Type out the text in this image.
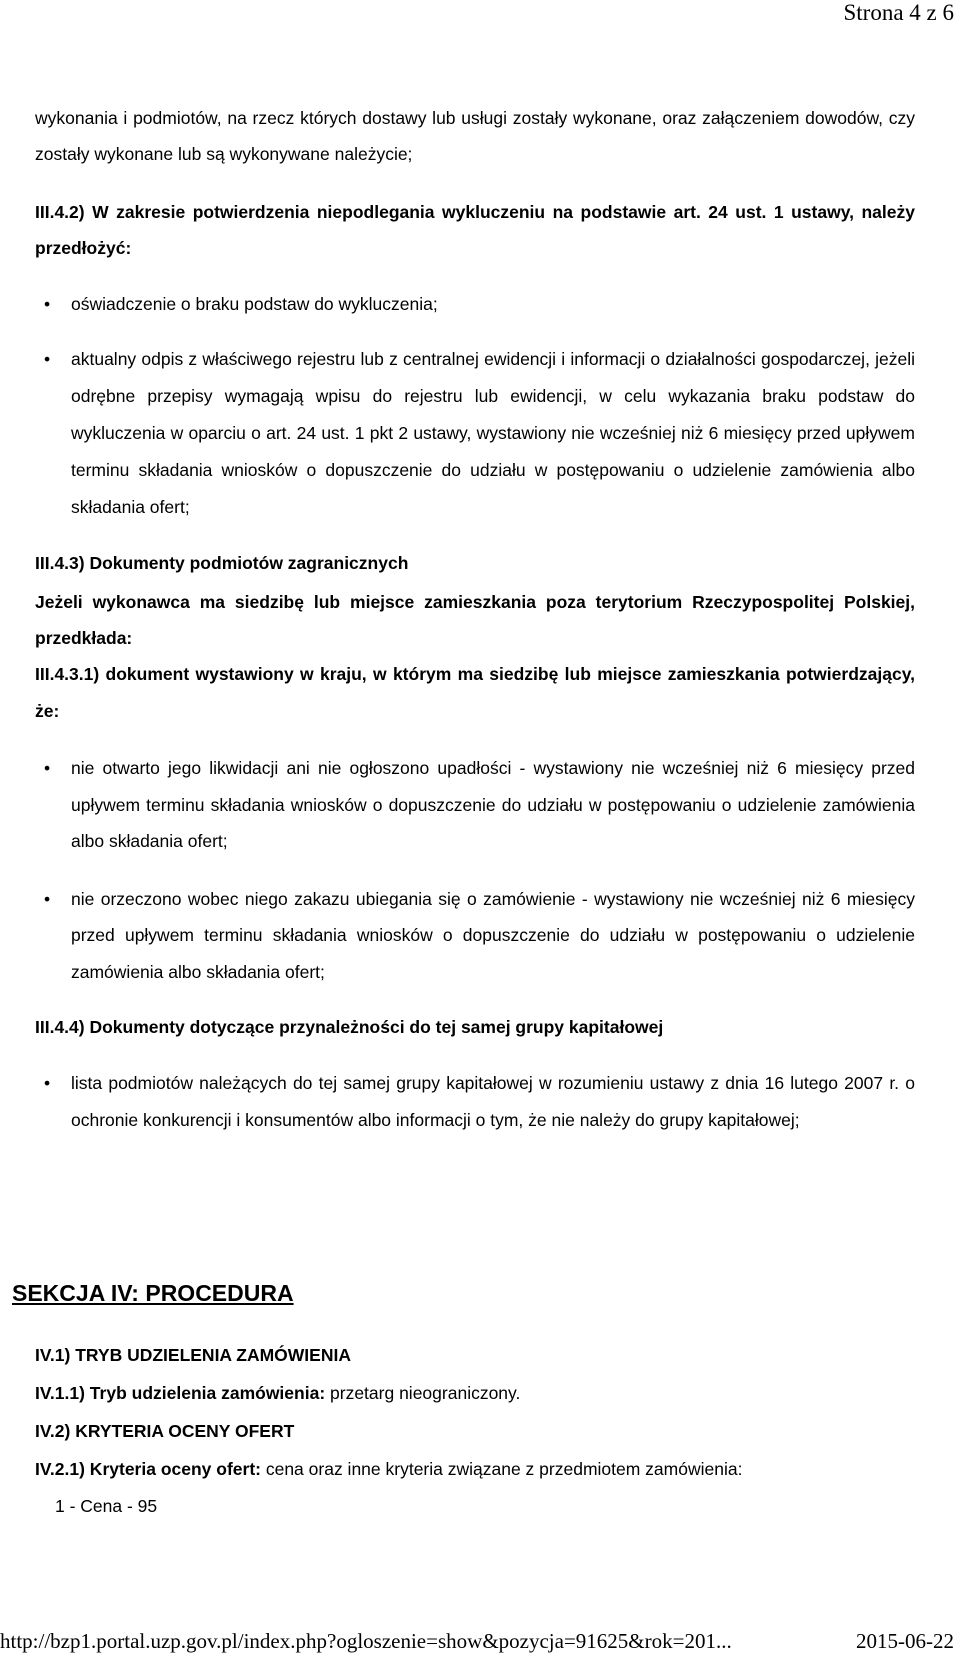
Strona 4 z 6
wykonania i podmiotów, na rzecz których dostawy lub usługi zostały wykonane, oraz załączeniem dowodów, czy zostały wykonane lub są wykonywane należycie;
III.4.2) W zakresie potwierdzenia niepodlegania wykluczeniu na podstawie art. 24 ust. 1 ustawy, należy przedłożyć:
• oświadczenie o braku podstaw do wykluczenia;
• aktualny odpis z właściwego rejestru lub z centralnej ewidencji i informacji o działalności gospodarczej, jeżeli odrębne przepisy wymagają wpisu do rejestru lub ewidencji, w celu wykazania braku podstaw do wykluczenia w oparciu o art. 24 ust. 1 pkt 2 ustawy, wystawiony nie wcześniej niż 6 miesięcy przed upływem terminu składania wniosków o dopuszczenie do udziału w postępowaniu o udzielenie zamówienia albo składania ofert;
III.4.3) Dokumenty podmiotów zagranicznych
Jeżeli wykonawca ma siedzibę lub miejsce zamieszkania poza terytorium Rzeczypospolitej Polskiej, przedkłada:
III.4.3.1) dokument wystawiony w kraju, w którym ma siedzibę lub miejsce zamieszkania potwierdzający, że:
• nie otwarto jego likwidacji ani nie ogłoszono upadłości - wystawiony nie wcześniej niż 6 miesięcy przed upływem terminu składania wniosków o dopuszczenie do udziału w postępowaniu o udzielenie zamówienia albo składania ofert;
• nie orzeczono wobec niego zakazu ubiegania się o zamówienie - wystawiony nie wcześniej niż 6 miesięcy przed upływem terminu składania wniosków o dopuszczenie do udziału w postępowaniu o udzielenie zamówienia albo składania ofert;
III.4.4) Dokumenty dotyczące przynależności do tej samej grupy kapitałowej
• lista podmiotów należących do tej samej grupy kapitałowej w rozumieniu ustawy z dnia 16 lutego 2007 r. o ochronie konkurencji i konsumentów albo informacji o tym, że nie należy do grupy kapitałowej;
SEKCJA IV: PROCEDURA
IV.1) TRYB UDZIELENIA ZAMÓWIENIA
IV.1.1) Tryb udzielenia zamówienia: przetarg nieograniczony.
IV.2) KRYTERIA OCENY OFERT
IV.2.1) Kryteria oceny ofert: cena oraz inne kryteria związane z przedmiotem zamówienia:
1 - Cena - 95
http://bzp1.portal.uzp.gov.pl/index.php?ogloszenie=show&pozycja=91625&rok=201...	2015-06-22
